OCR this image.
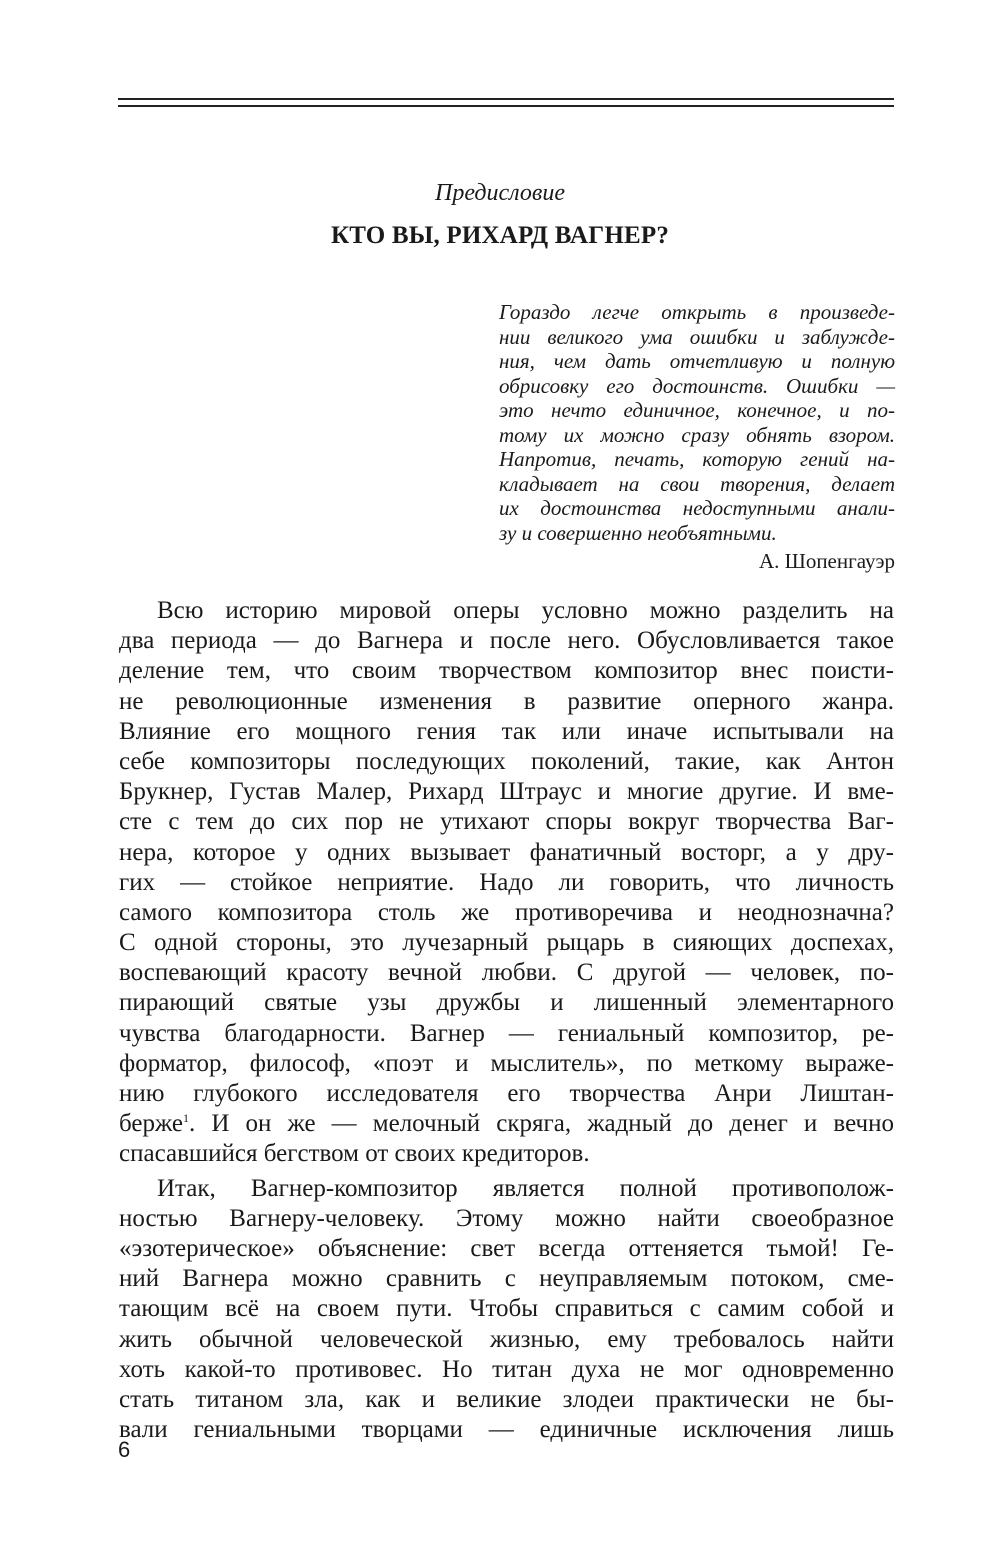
Предисловие
КТО ВЫ, РИХАРД ВАГНЕР?
Гораздо легче открыть в произведе-
нии великого ума ошибки и заблужде-
ния, чем дать отчетливую и полную
обрисовку его достоинств. Ошибки —
это нечто единичное, конечное, и по-
тому их можно сразу обнять взором.
Напротив, печать, которую гений на-
кладывает на свои творения, делает
их достоинства недоступными анали-
зу и совершенно необъятными.
А. Шопенгауэр
Всю историю мировой оперы условно можно разделить на
два периода — до Вагнера и после него. Обусловливается такое
деление тем, что своим творчеством композитор внес поисти-
не революционные изменения в развитие оперного жанра.
Влияние его мощного гения так или иначе испытывали на
себе композиторы последующих поколений, такие, как Антон
Брукнер, Густав Малер, Рихард Штраус и многие другие. И вме-
сте с тем до сих пор не утихают споры вокруг творчества Ваг-
нера, которое у одних вызывает фанатичный восторг, а у дру-
гих — стойкое неприятие. Надо ли говорить, что личность
самого композитора столь же противоречива и неоднозначна?
С одной стороны, это лучезарный рыцарь в сияющих доспехах,
воспевающий красоту вечной любви. С другой — человек, по-
пирающий святые узы дружбы и лишенный элементарного
чувства благодарности. Вагнер — гениальный композитор, ре-
форматор, философ, «поэт и мыслитель», по меткому выраже-
нию глубокого исследователя его творчества Анри Лиштан-
берже$^1$. И он же — мелочный скряга, жадный до денег и вечно
спасавшийся бегством от своих кредиторов.
Итак, Вагнер-композитор является полной противополож-
ностью Вагнеру-человеку. Этому можно найти своеобразное
«эзотерическое» объяснение: свет всегда оттеняется тьмой! Ге-
ний Вагнера можно сравнить с неуправляемым потоком, сме-
тающим всё на своем пути. Чтобы справиться с самим собой и
жить обычной человеческой жизнью, ему требовалось найти
хоть какой-то противовес. Но титан духа не мог одновременно
стать титаном зла, как и великие злодеи практически не бы-
вали гениальными творцами — единичные исключения лишь
6
